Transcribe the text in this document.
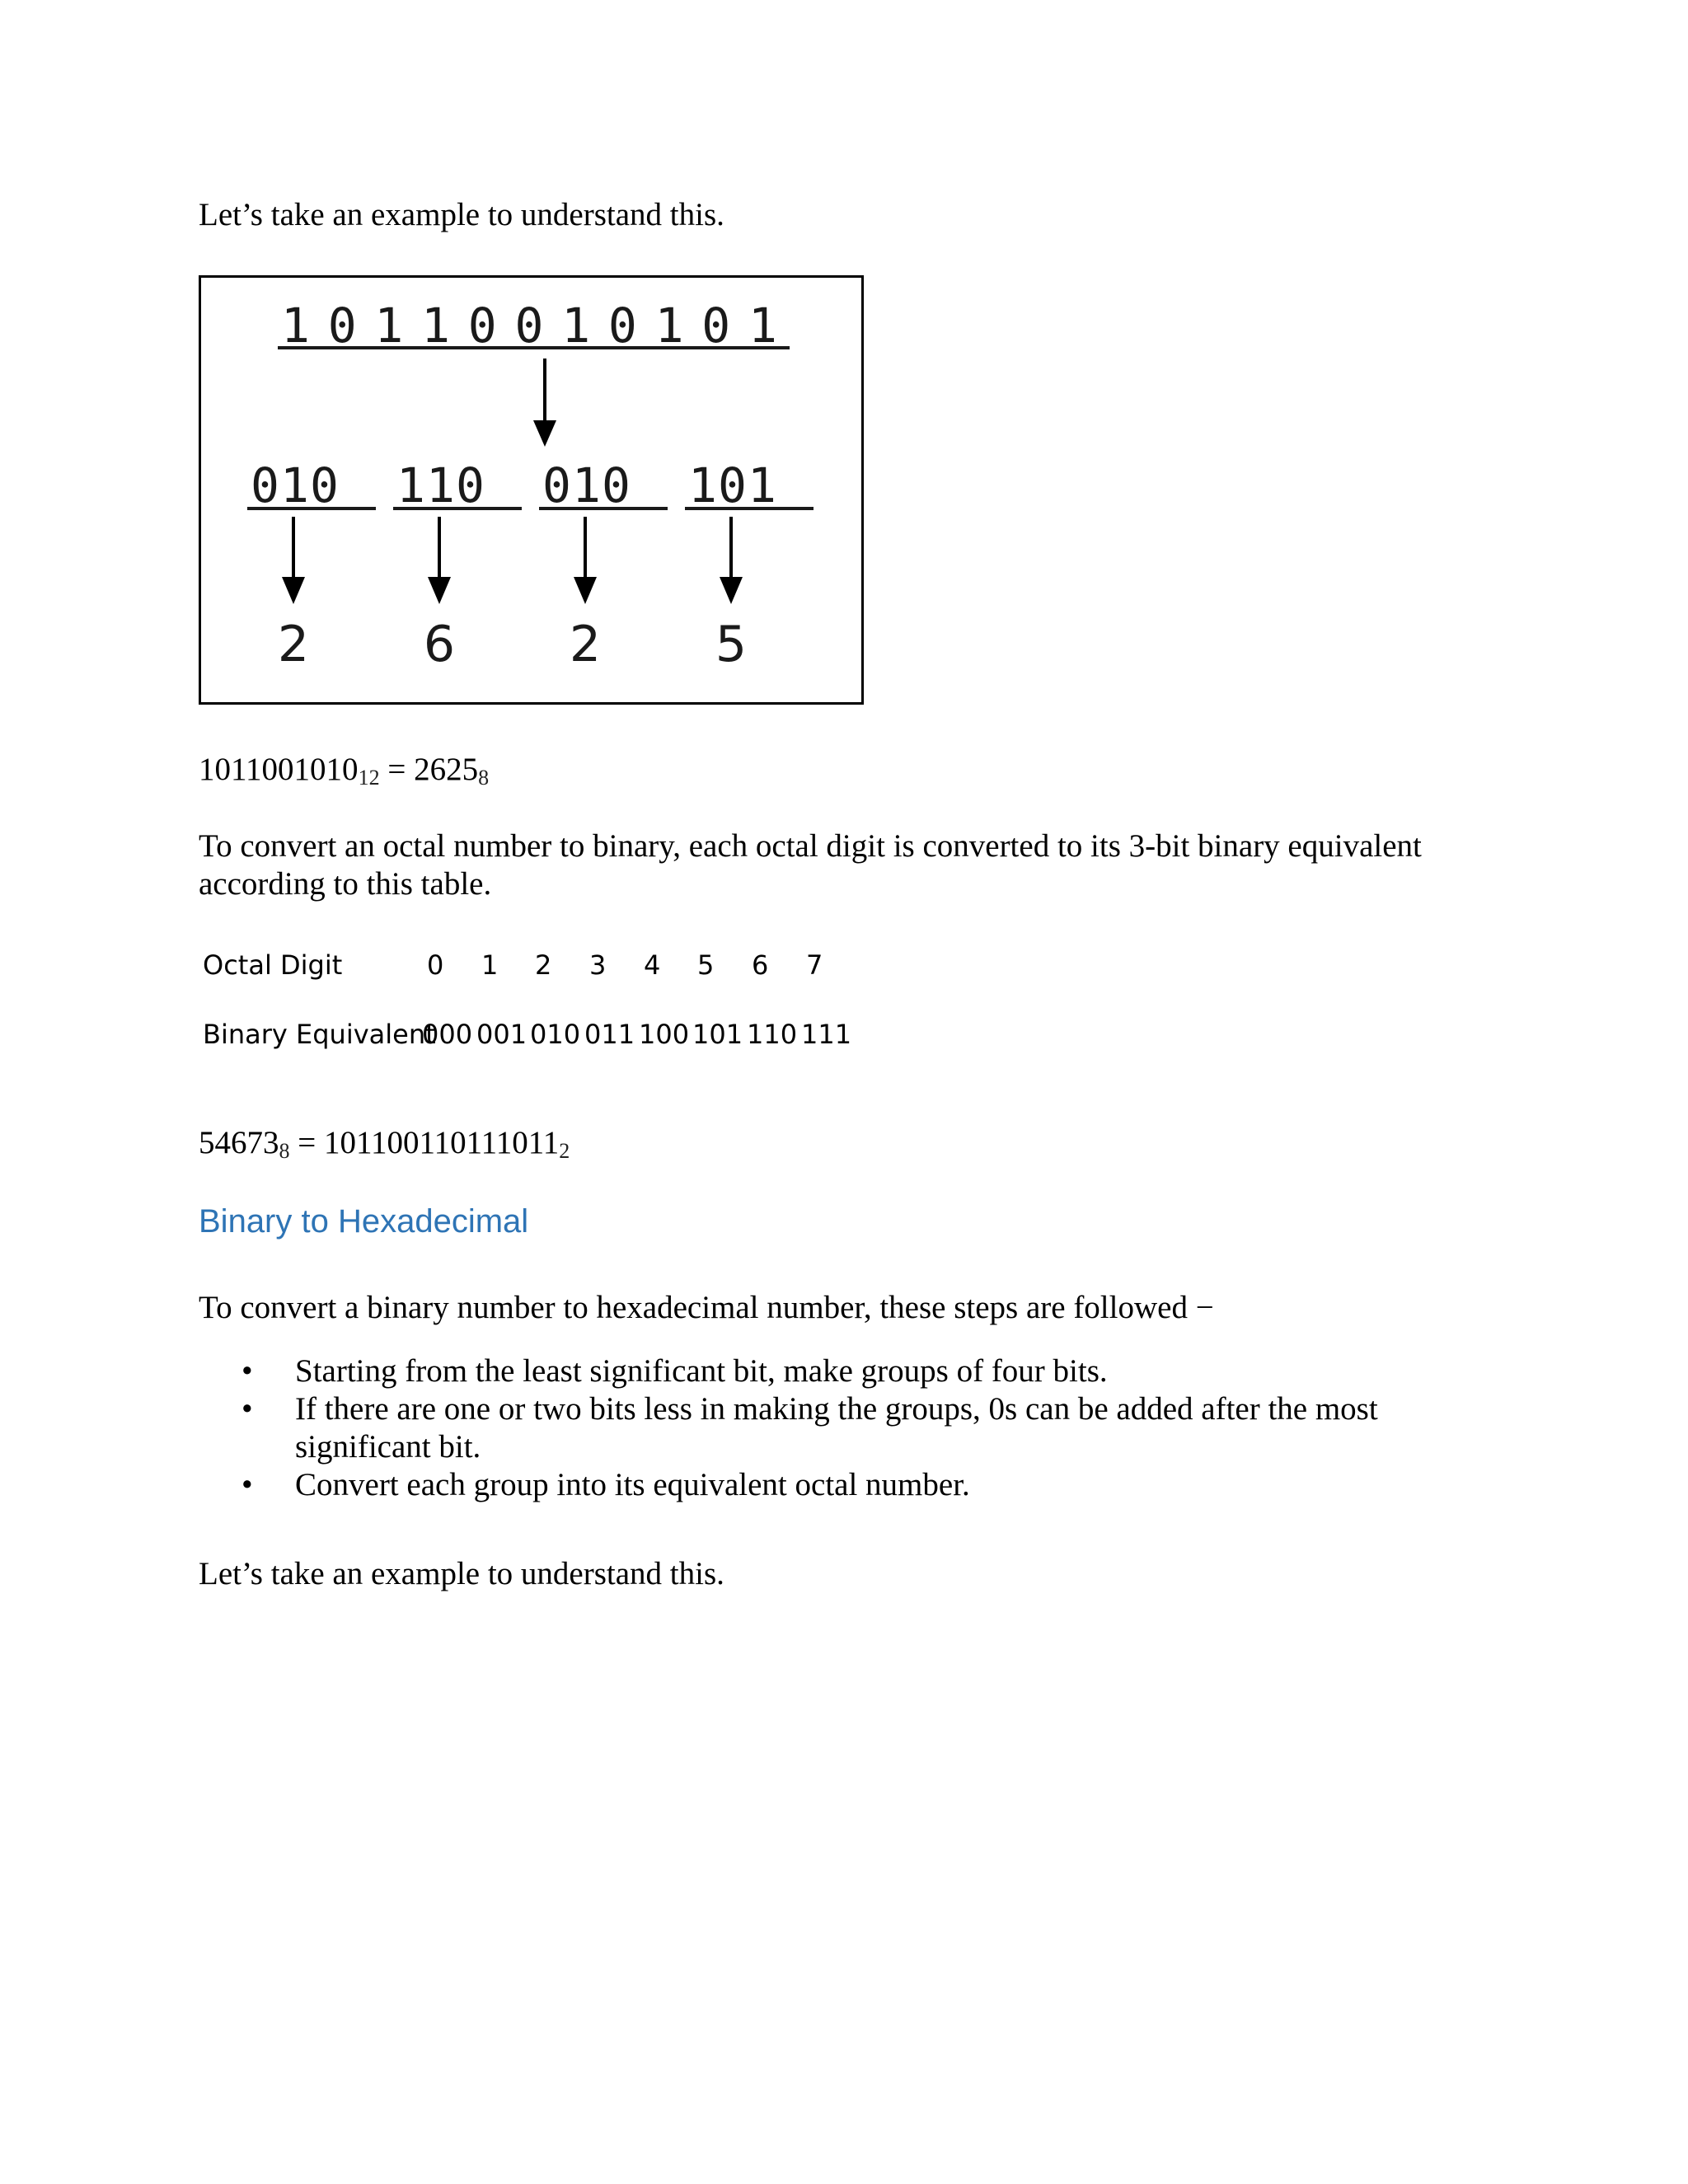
Let’s take an example to understand this.

1 0 1 1 0 0 1 0 1 0 1
0 1 0 1 1 0 0 1 0 1 0 1
2 6 2 5

$1011001010_{12} = 2625_8$

To convert an octal number to binary, each octal digit is converted to its 3-bit binary equivalent according to this table.

Octal Digit	0 1 2 3 4 5 6 7
Binary Equivalent
000 001 010 011 100 101 110 111

$54673_8 = 101100110111011_2$

Binary to Hexadecimal

To convert a binary number to hexadecimal number, these steps are followed −

• Starting from the least significant bit, make groups of four bits.
• If there are one or two bits less in making the groups, 0s can be added after the most significant bit.
• Convert each group into its equivalent octal number.

Let’s take an example to understand this.
